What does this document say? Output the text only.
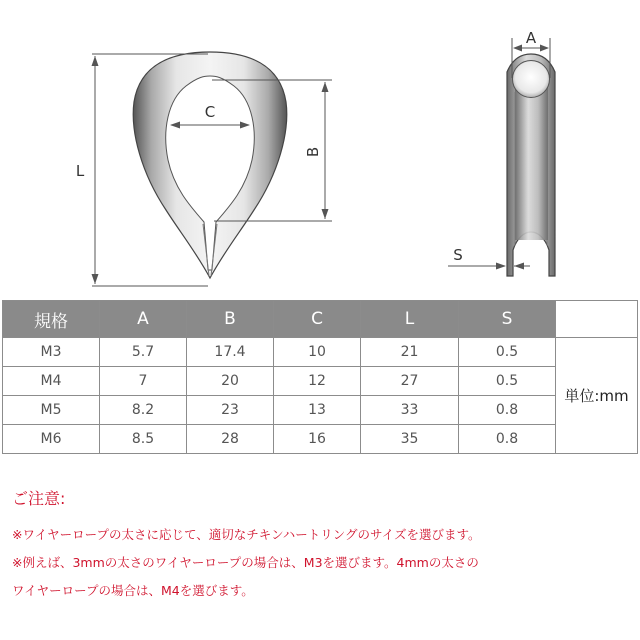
L
C
B
A
S
規格	A	B	C	L	S	
M3	5.7	17.4	10	21	0.5	単位:mm
M4	7	20	12	27	0.5	
M5	8.2	23	13	33	0.8	
M6	8.5	28	16	35	0.8	
ご注意:
※ワイヤーロープの太さに応じて、適切なチキンハートリングのサイズを選びます。
※例えば、3mmの太さのワイヤーロープの場合は、M3を選びます。4mmの太さの
ワイヤーロープの場合は、M4を選びます。
